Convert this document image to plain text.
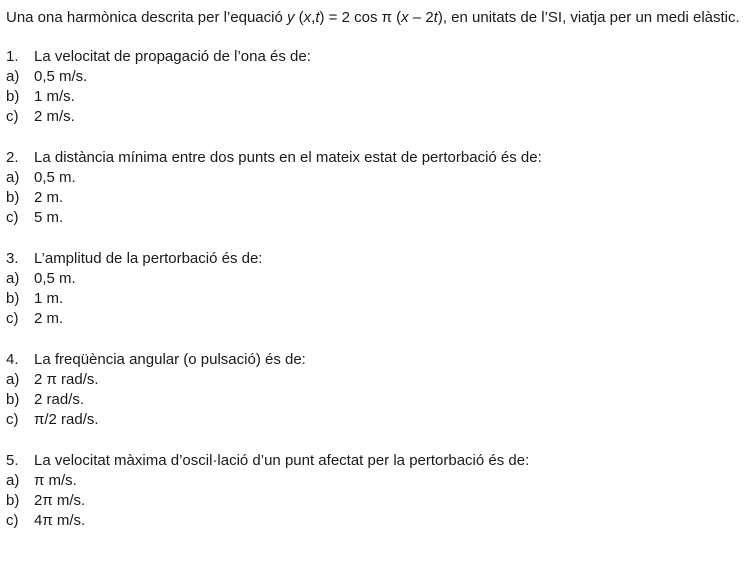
Una ona harmònica descrita per l’equació y (x,t) = 2 cos π (x – 2t), en unitats de l’SI, viatja per un medi elàstic.

1.	La velocitat de propagació de l’ona és de:
a) 0,5 m/s.
b) 1 m/s.
c)	2 m/s.
2.	La distància mínima entre dos punts en el mateix estat de pertorbació és de:
a) 0,5 m.
b) 2 m.
c)	5 m.
3.	L’amplitud de la pertorbació és de:
a) 0,5 m.
b) 1 m.
c)	2 m.
4.	La freqüència angular (o pulsació) és de:
a) 2 π rad/s.
b) 2 rad/s.
c)	π/2 rad/s.
5.	La velocitat màxima d’oscil·lació d’un punt afectat per la pertorbació és de:
a) π m/s.
b) 2π m/s.
c)	4π m/s.
